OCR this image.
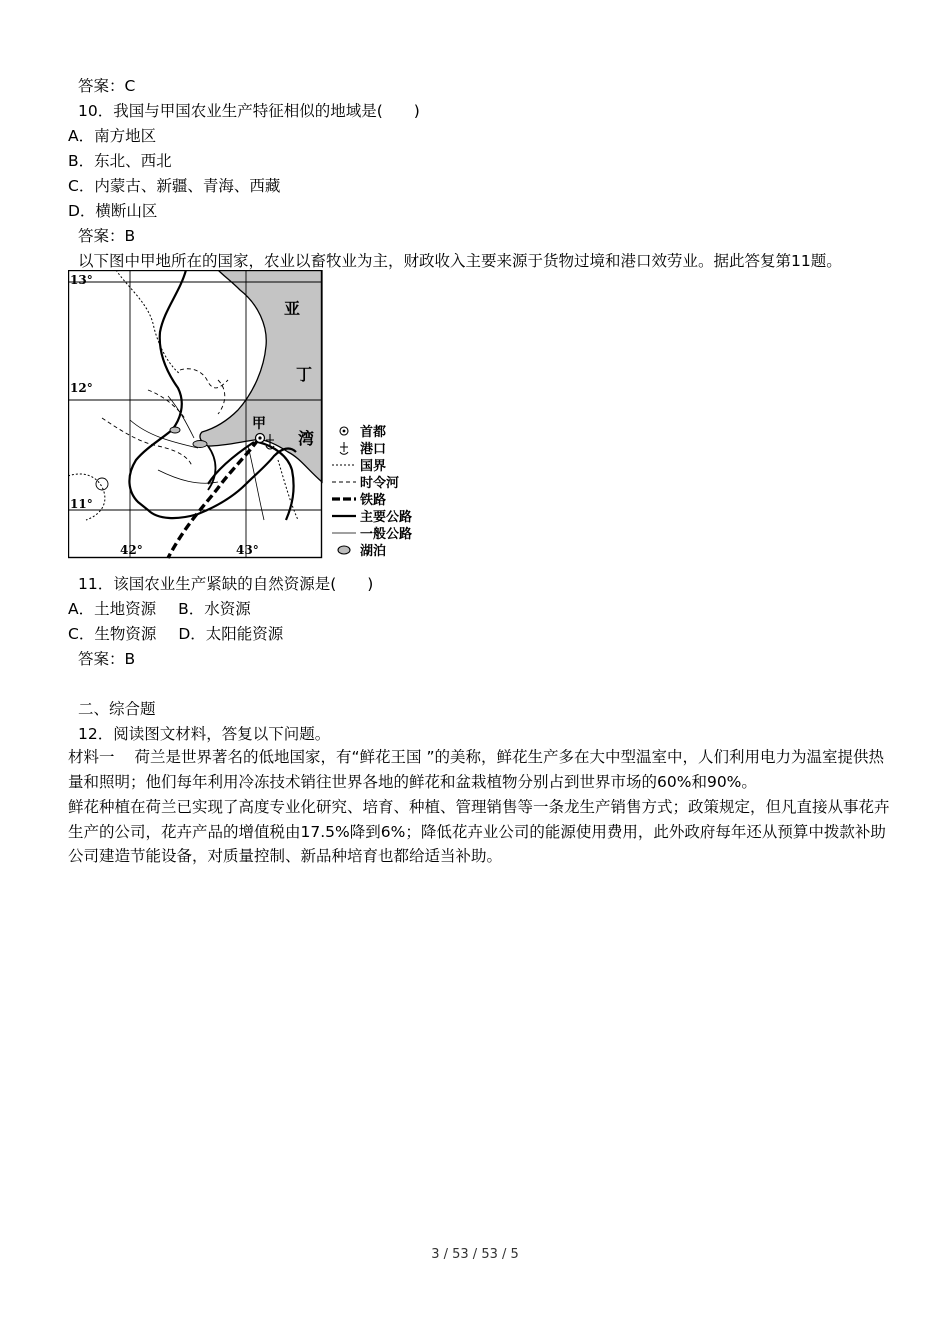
答案：C

10．我国与甲国农业生产特征相似的地域是(　　)

A．南方地区

B．东北、西北

C．内蒙古、新疆、青海、西藏

D．横断山区

答案：B

以下图中甲地所在的国家，农业以畜牧业为主，财政收入主要来源于货物过境和港口效劳业。据此答复第11题。

13°
12°
11°
42°	43°
亚
丁
湾
甲
首都
港口
国界
时令河
铁路
主要公路
一般公路
湖泊

11．该国农业生产紧缺的自然资源是(　　)

A．土地资源 B．水资源

C．生物资源 D．太阳能资源

答案：B

二、综合题

12．阅读图文材料，答复以下问题。

材料一 荷兰是世界著名的低地国家，有“鲜花王国 ”的美称，鲜花生产多在大中型温室中，人们利用电力为温室提供热量和照明；他们每年利用冷冻技术销往世界各地的鲜花和盆栽植物分别占到世界市场的60%和90%。

鲜花种植在荷兰已实现了高度专业化研究、培育、种植、管理销售等一条龙生产销售方式；政策规定，但凡直接从事花卉生产的公司，花卉产品的增值税由17.5%降到6%；降低花卉业公司的能源使用费用，此外政府每年还从预算中拨款补助公司建造节能设备，对质量控制、新品种培育也都给适当补助。

3 / 53 / 53 / 5
